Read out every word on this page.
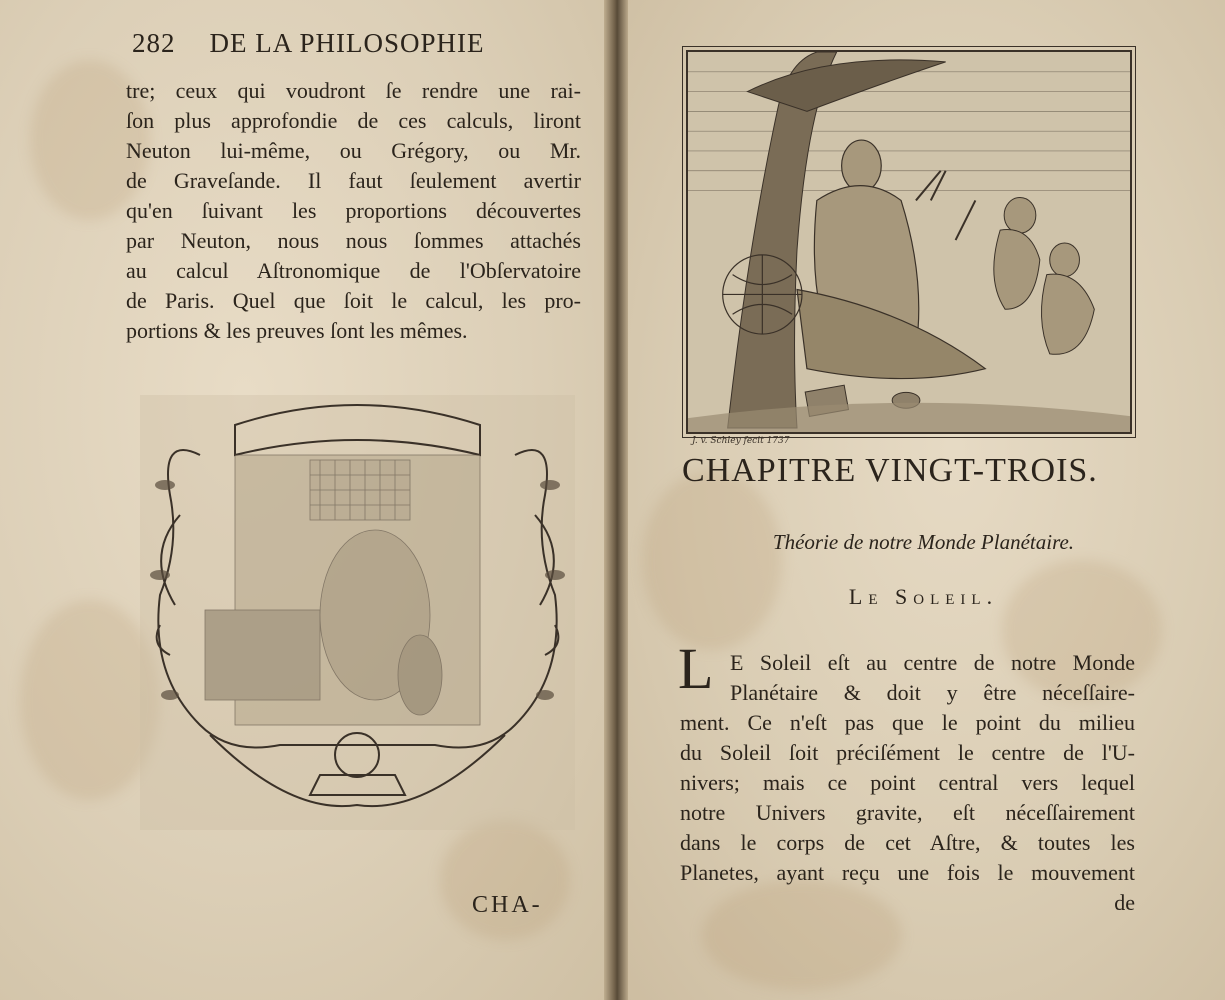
282 DE LA PHILOSOPHIE
tre; ceux qui voudront ſe rendre une rai-
ſon plus approfondie de ces calculs, liront
Neuton lui-même, ou Grégory, ou Mr.
de Graveſande. Il faut ſeulement avertir
qu'en ſuivant les proportions découvertes
par Neuton, nous nous ſommes attachés
au calcul Aſtronomique de l'Obſervatoire
de Paris. Quel que ſoit le calcul, les pro-
portions & les preuves ſont les mêmes.
CHA-
J. v. Schley fecit 1737
CHAPITRE VINGT-TROIS.
Théorie de notre Monde Planétaire.
Le Soleil.
L E Soleil eſt au centre de notre Monde
Planétaire & doit y être néceſſaire-
ment. Ce n'eſt pas que le point du milieu
du Soleil ſoit préciſément le centre de l'U-
nivers; mais ce point central vers lequel
notre Univers gravite, eſt néceſſairement
dans le corps de cet Aſtre, & toutes les
Planetes, ayant reçu une fois le mouvement
de
